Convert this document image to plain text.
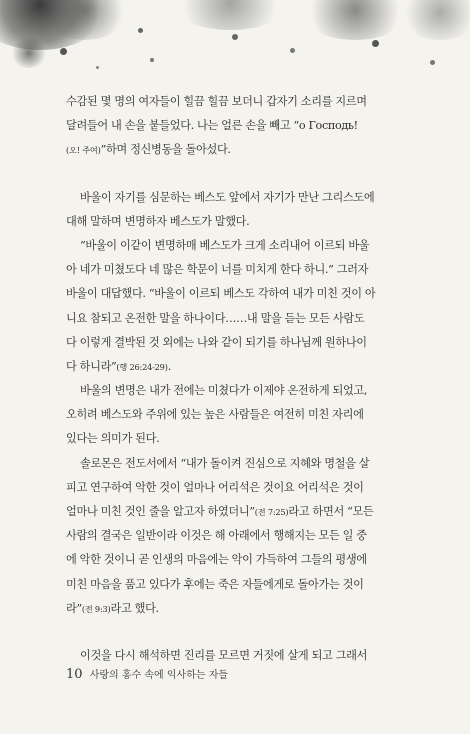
수감된 몇 명의 여자들이 힐끔 힐끔 보더니 갑자기 소리를 지르며
달려들어 내 손을 붙들었다. 나는 얼른 손을 빼고 “o Господь!
(오! 주여)”하며 정신병동을 돌아섰다.
바울이 자기를 심문하는 베스도 앞에서 자기가 만난 그리스도에
대해 말하며 변명하자 베스도가 말했다.
“바울이 이같이 변명하매 베스도가 크게 소리내어 이르되 바울
아 네가 미쳤도다 네 많은 학문이 너를 미치게 한다 하니.” 그러자
바울이 대답했다. “바울이 이르되 베스도 각하여 내가 미친 것이 아
니요 참되고 온전한 말을 하나이다……내 말을 듣는 모든 사람도
다 이렇게 결박된 것 외에는 나와 같이 되기를 하나님께 원하나이
다 하니라”(행 26:24-29).
바울의 변명은 내가 전에는 미쳤다가 이제야 온전하게 되었고,
오히려 베스도와 주위에 있는 높은 사람들은 여전히 미친 자리에
있다는 의미가 된다.
솔로몬은 전도서에서 “내가 돌이켜 진심으로 지혜와 명철을 살
피고 연구하여 악한 것이 얼마나 어리석은 것이요 어리석은 것이
얼마나 미친 것인 줄을 알고자 하였더니”(전 7:25)라고 하면서 “모든
사람의 결국은 일반이라 이것은 해 아래에서 행해지는 모든 일 중
에 악한 것이니 곧 인생의 마음에는 악이 가득하여 그들의 평생에
미친 마음을 품고 있다가 후에는 죽은 자들에게로 돌아가는 것이
라”(전 9:3)라고 했다.
이것을 다시 해석하면 진리를 모르면 거짓에 살게 되고 그래서
10 사랑의 홍수 속에 익사하는 자들
